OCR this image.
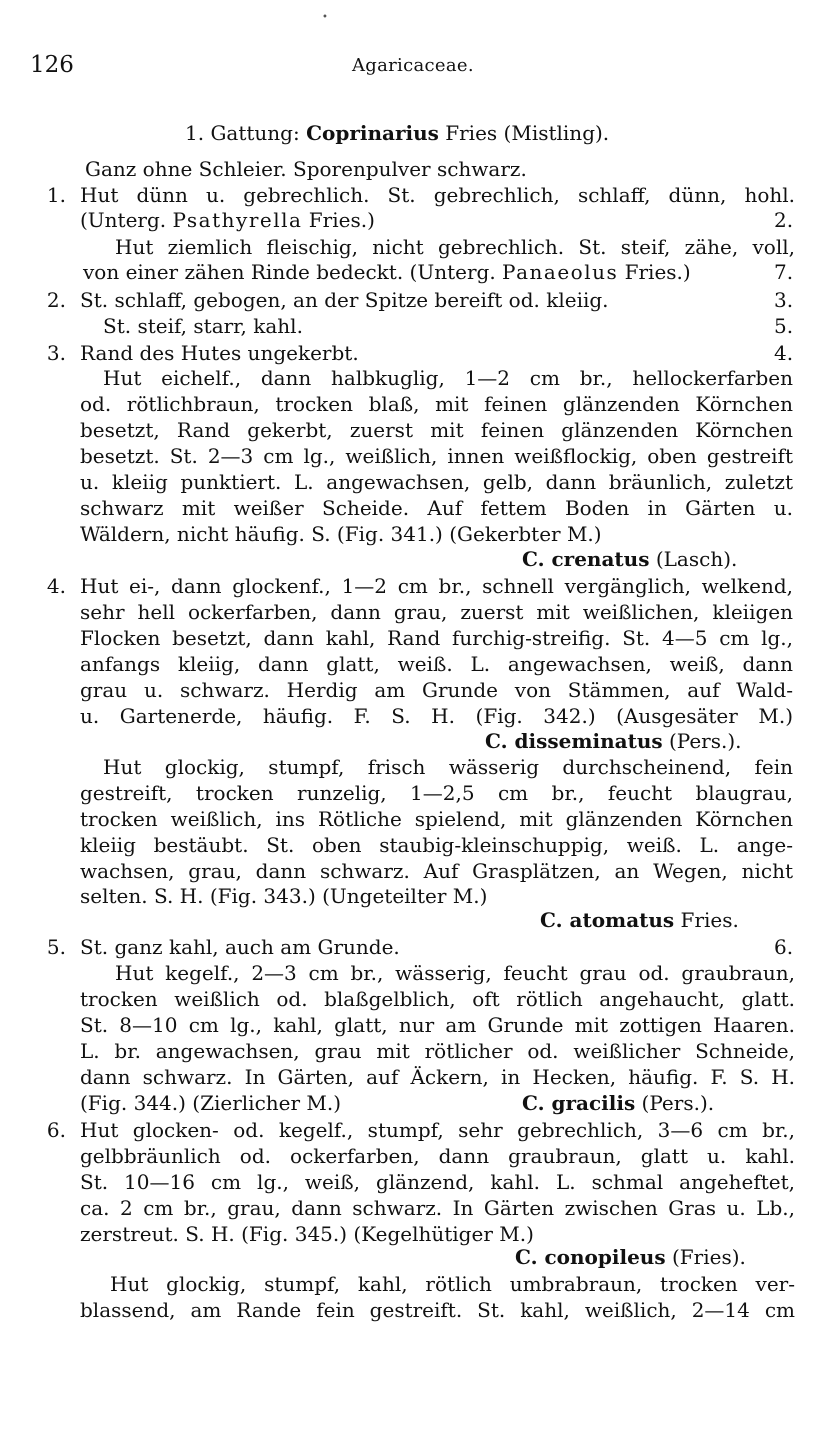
•
126	Agaricaceae.
1. Gattung: Coprinarius Fries (Mistling).
Ganz ohne Schleier. Sporenpulver schwarz.
1. Hut dünn u. gebrechlich. St. gebrechlich, schlaff, dünn, hohl.
(Unterg. Psathyrella Fries.)	2.
Hut ziemlich fleischig, nicht gebrechlich. St. steif, zähe, voll,
von einer zähen Rinde bedeckt. (Unterg. Panaeolus Fries.)	7.
2. St. schlaff, gebogen, an der Spitze bereift od. kleiig.	3.
St. steif, starr, kahl.	5.
3. Rand des Hutes ungekerbt.	4.
Hut eichelf., dann halbkuglig, 1—2 cm br., hellockerfarben
od. rötlichbraun, trocken blaß, mit feinen glänzenden Körnchen
besetzt, Rand gekerbt, zuerst mit feinen glänzenden Körnchen
besetzt. St. 2—3 cm lg., weißlich, innen weißflockig, oben gestreift
u. kleiig punktiert. L. angewachsen, gelb, dann bräunlich, zuletzt
schwarz mit weißer Scheide. Auf fettem Boden in Gärten u.
Wäldern, nicht häufig. S. (Fig. 341.) (Gekerbter M.)
C. crenatus (Lasch).
4. Hut ei-, dann glockenf., 1—2 cm br., schnell vergänglich, welkend,
sehr hell ockerfarben, dann grau, zuerst mit weißlichen, kleiigen
Flocken besetzt, dann kahl, Rand furchig-streifig. St. 4—5 cm lg.,
anfangs kleiig, dann glatt, weiß. L. angewachsen, weiß, dann
grau u. schwarz. Herdig am Grunde von Stämmen, auf Wald-
u. Gartenerde, häufig. F. S. H. (Fig. 342.) (Ausgesäter M.)
C. disseminatus (Pers.).
Hut glockig, stumpf, frisch wässerig durchscheinend, fein
gestreift, trocken runzelig, 1—2,5 cm br., feucht blaugrau,
trocken weißlich, ins Rötliche spielend, mit glänzenden Körnchen
kleiig bestäubt. St. oben staubig-kleinschuppig, weiß. L. ange-
wachsen, grau, dann schwarz. Auf Grasplätzen, an Wegen, nicht
selten. S. H. (Fig. 343.) (Ungeteilter M.)
C. atomatus Fries.
5. St. ganz kahl, auch am Grunde.	6.
Hut kegelf., 2—3 cm br., wässerig, feucht grau od. graubraun,
trocken weißlich od. blaßgelblich, oft rötlich angehaucht, glatt.
St. 8—10 cm lg., kahl, glatt, nur am Grunde mit zottigen Haaren.
L. br. angewachsen, grau mit rötlicher od. weißlicher Schneide,
dann schwarz. In Gärten, auf Äckern, in Hecken, häufig. F. S. H.
(Fig. 344.) (Zierlicher M.)	C. gracilis (Pers.).
6. Hut glocken- od. kegelf., stumpf, sehr gebrechlich, 3—6 cm br.,
gelbbräunlich od. ockerfarben, dann graubraun, glatt u. kahl.
St. 10—16 cm lg., weiß, glänzend, kahl. L. schmal angeheftet,
ca. 2 cm br., grau, dann schwarz. In Gärten zwischen Gras u. Lb.,
zerstreut. S. H. (Fig. 345.) (Kegelhütiger M.)
C. conopileus (Fries).
Hut glockig, stumpf, kahl, rötlich umbrabraun, trocken ver-
blassend, am Rande fein gestreift. St. kahl, weißlich, 2—14 cm
